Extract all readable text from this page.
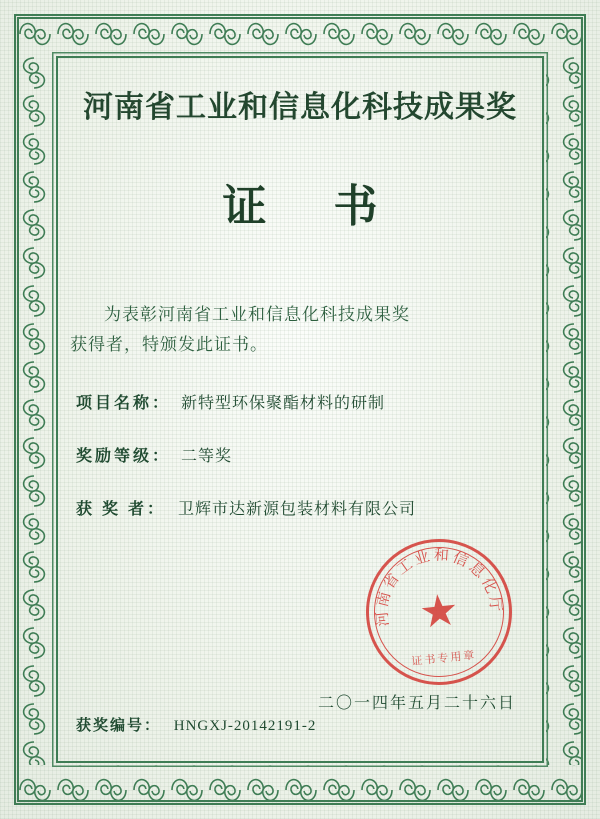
河南省工业和信息化科技成果奖
证 书
为表彰河南省工业和信息化科技成果奖
获得者，特颁发此证书。
项目名称： 新特型环保聚酯材料的研制
奖励等级： 二等奖
获 奖 者： 卫辉市达新源包装材料有限公司
河南省工业和信息化厅
★
证书专用章
二〇一四年五月二十六日
获奖编号： HNGXJ-20142191-2
